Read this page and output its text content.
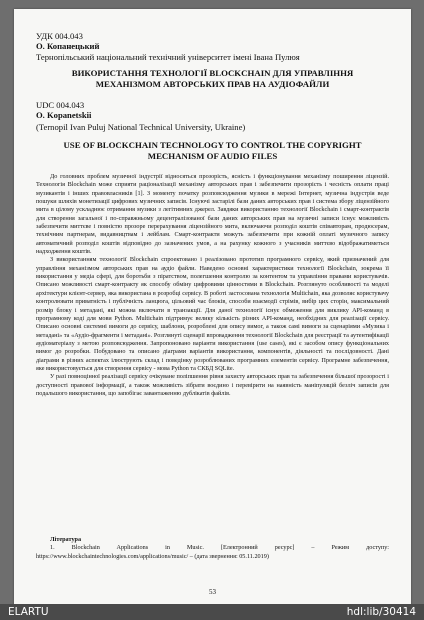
УДК 004.043
О. Копанецький
Тернопільський національний технічний університет імені Івана Пулюя
ВИКОРИСТАННЯ ТЕХНОЛОГІЇ BLOCKCHAIN ДЛЯ УПРАВЛІННЯ МЕХАНІЗМОМ АВТОРСЬКИХ ПРАВ НА АУДІОФАЙЛИ
UDC 004.043
O. Kopanetskii
(Ternopil Ivan Puluj National Technical University, Ukraine)
USE OF BLOCKCHAIN TECHNOLOGY TO CONTROL THE COPYRIGHT MECHANISM OF AUDIO FILES

До головних проблем музичної індустрії відносяться прозорість, ясність і функціонування механізму поширення ліцензій. Технологія Blockchain може сприяти раціоналізації механізму авторських прав і забезпечити прозорість і чесність оплати праці музикантів і інших правовласників [1]. З моменту початку розповсюдження музики в мережі Інтернет, музична індустрія веде пошуки шляхів монетизації цифрових музичних записів. Існуючі застарілі бази даних авторських прав і система збору ліцензійного мита в цілому ускладнює отримання музики з легітимних джерел. Завдяки використанню технології Blockchain і смарт-контрактів для створення загальної і по-справжньому децентралізованої бази даних авторських прав на музичні записи існує можливість забезпечити миттєве і повністю прозоре перерахування ліцензійного мита, включаючи розподіл коштів співавторам, продюсерам, технічним партнерам, видавництвам і лейблам. Смарт-контракти можуть забезпечити при кожній оплаті музичного запису автоматичний розподіл коштів відповідно до зазначених умов, а на рахунку кожного з учасників миттєво відображатиметься надходження коштів.

З використанням технології Blockchain спроектовано і реалізовано прототип програмного сервісу, який призначений для управління механізмом авторських прав на аудіо файли. Наведено основні характеристики технології Blockchain, зокрема її використання у медіа сфері, для боротьби з піратством, полегшення контролю за контентом та управління правами користувачів. Описано можливості смарт-контракту як способу обміну цифровими цінностями в Blockchain. Розглянуто особливості та моделі архітектури клієнт-сервер, яка використана в розробці сервісу. В роботі застосована технологія Multichain, яка дозволяє користувачу контролювати приватність і публічність ланцюга, цільовий час блоків, способи взаємодії стрімів, вибір цих сторін, максимальний розмір блоку і метадані, які можна включати в транзакції. Для даної технології існує обмеження для виклику API-команд в програмному коді для мови Python. Multichain підтримує велику кількість різних API-команд, необхідних для реалізації сервісу. Описано основні системні вимоги до сервісу, шаблони, розроблені для опису вимог, а також самі вимоги за сценаріями «Музика і метадані» та «Аудіо-фрагменти і метадані». Розглянуті сценарії впровадження технології Blockchain для реєстрації та аутентифікації аудіоматеріалу з метою розповсюдження. Запропоновано варіанти використання (use cases), які є засобом опису функціональних вимог до розробки. Побудовано та описано діаграми варіантів використання, компонентів, діяльності та послідовності. Дані діаграми в різних аспектах ілюструють склад і поведінку розроблюваних програмних елементів сервісу. Програмне забезпечення, яке використовується для створення сервісу - мова Python та СКБД SQLite.

У разі повноцінної реалізації сервісу очікуване поліпшення рівня захисту авторських прав та забезпечення більшої прозорості і доступності правової інформації, а також можливість зібрати воєдино і перевірити на наявність маніпуляцій безліч записів для подальшого використання, що запобігає завантаженню дублікатів файлів.

Література

1. Blockchain Applications in Music. [Електронний ресурс] – Режим доступу: https://www.blockchaintechnologies.com/applications/music/ – (дата звернення: 05.11.2019)

53
ELARTU	hdl:lib/30414
